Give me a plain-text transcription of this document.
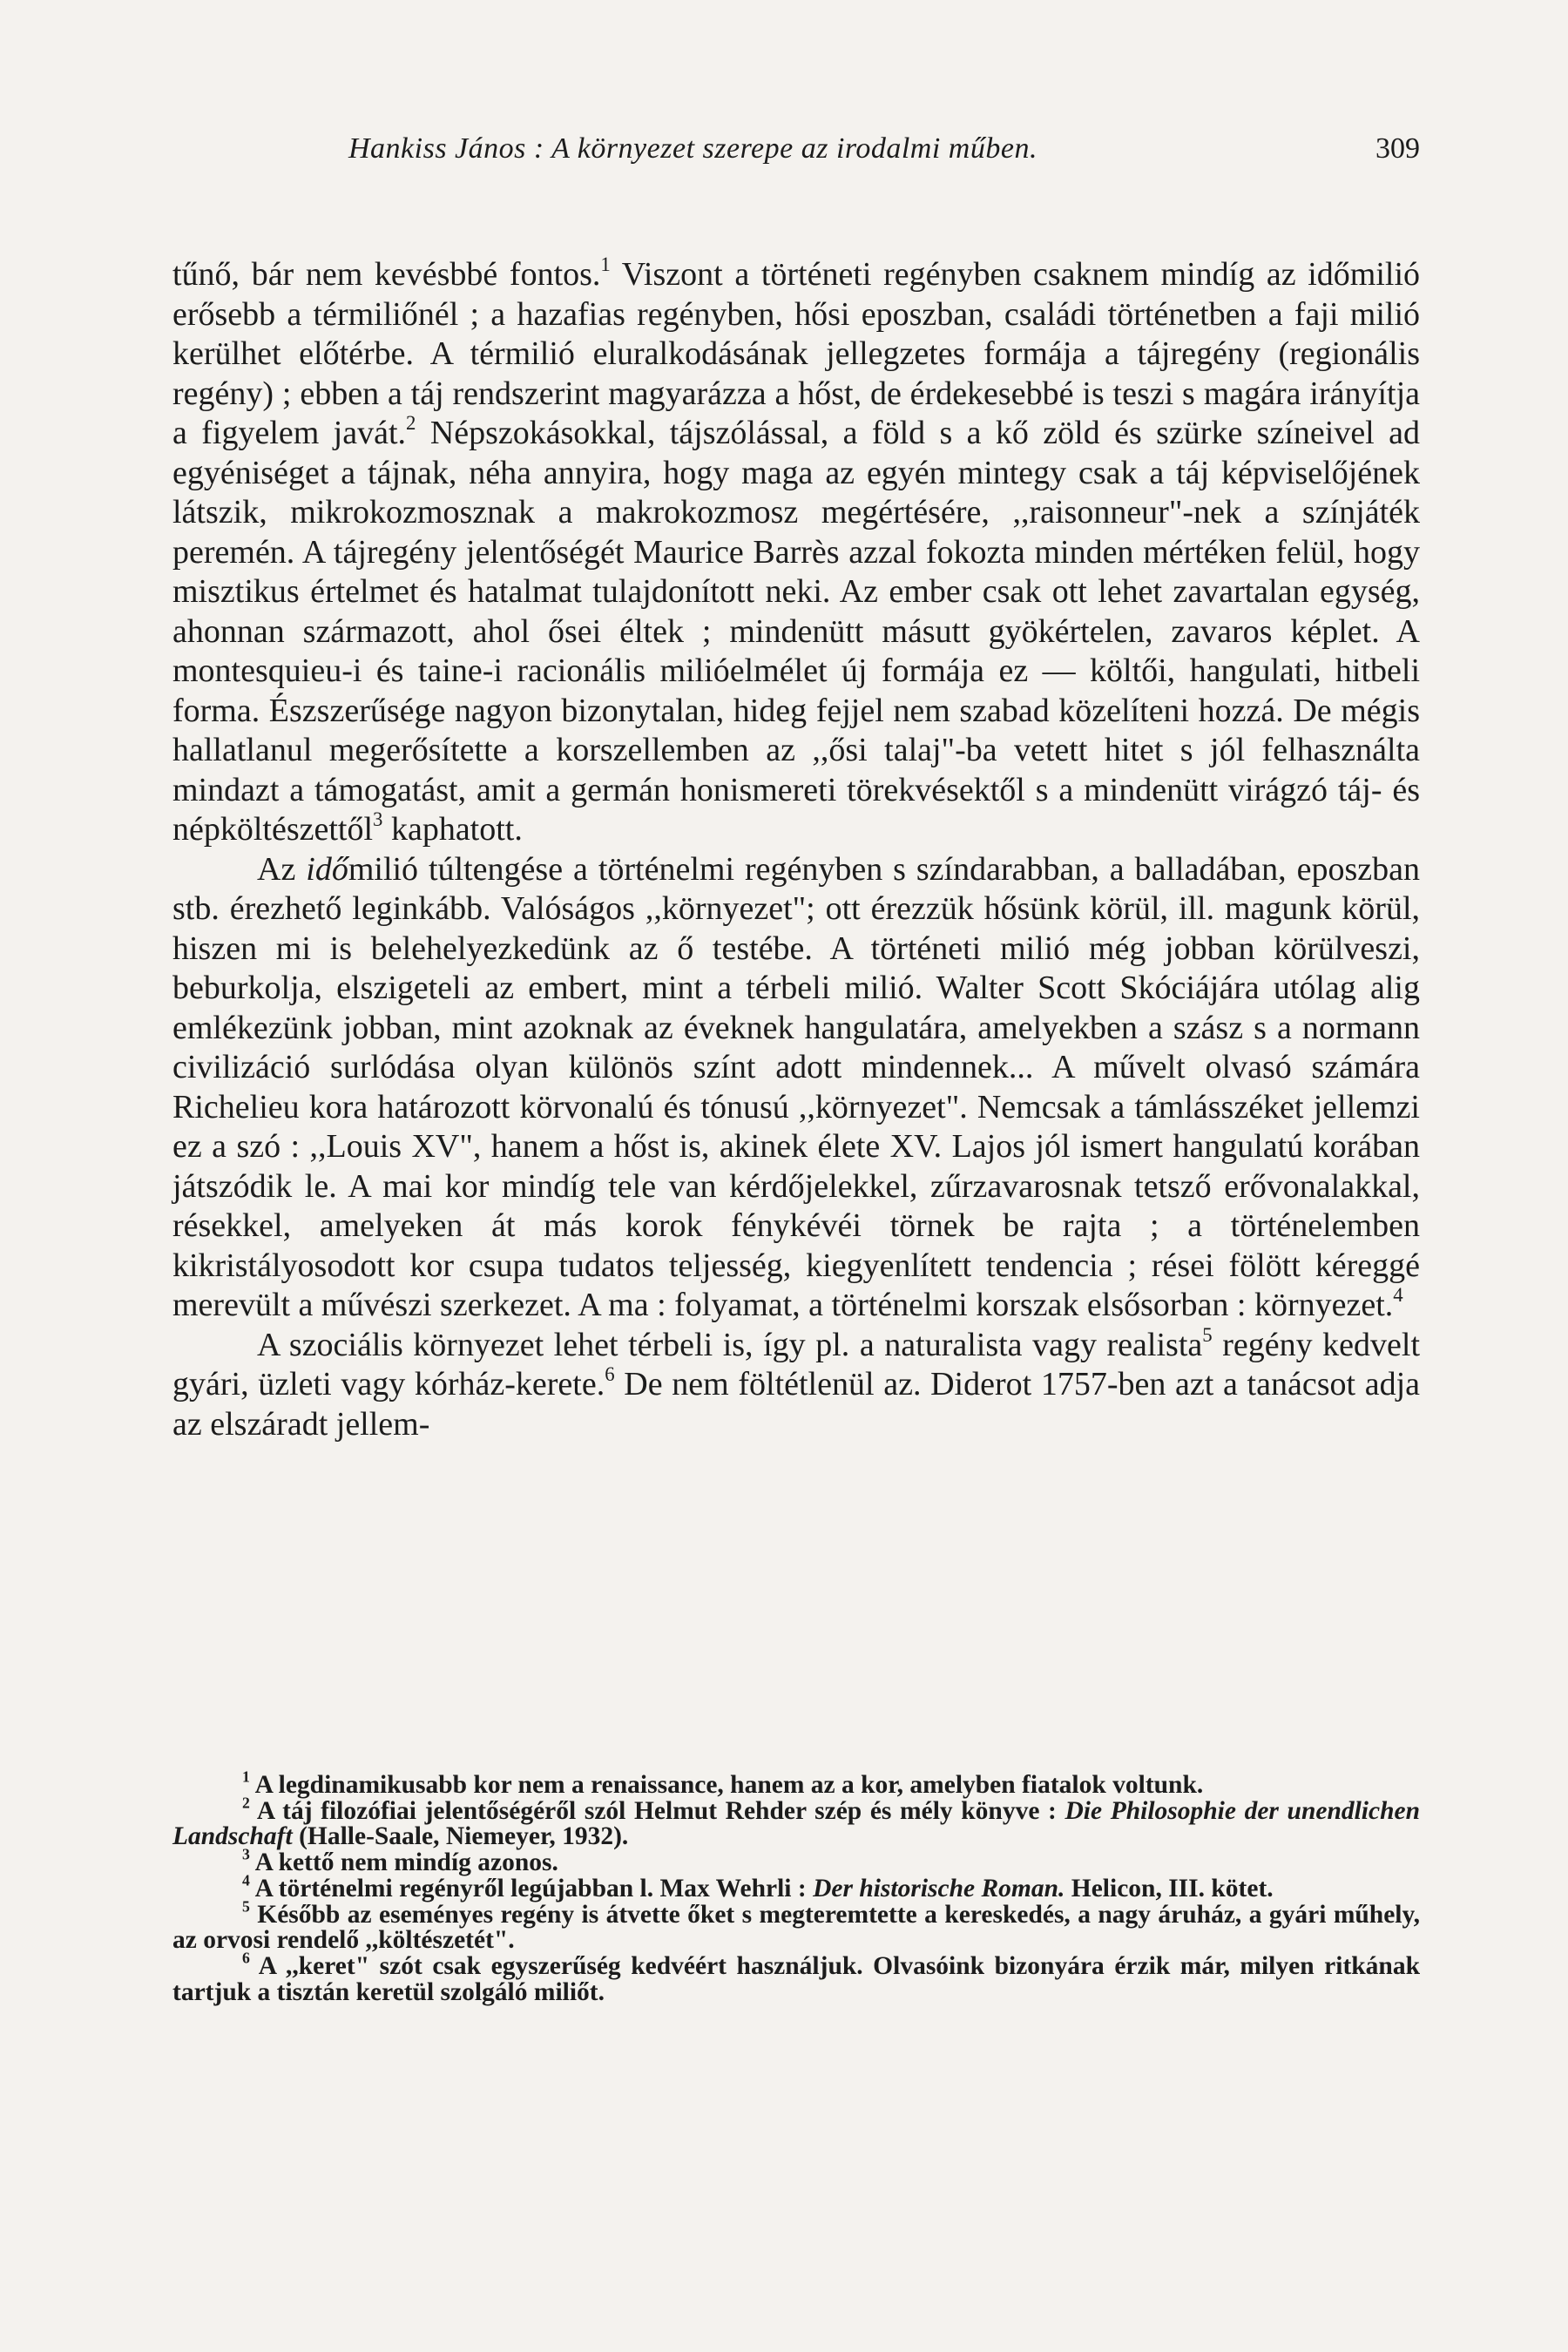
Hankiss János : A környezet szerepe az irodalmi műben.	309

tűnő, bár nem kevésbbé fontos.$^1$ Viszont a történeti regényben csaknem mindíg az időmilió erősebb a térmiliőnél ; a hazafias regényben, hősi eposzban, családi történetben a faji milió kerülhet előtérbe. A térmilió eluralkodásának jellegzetes formája a tájregény (regionális regény) ; ebben a táj rendszerint magyarázza a hőst, de érdekesebbé is teszi s magára irányítja a figyelem javát.$^2$ Népszokásokkal, tájszólással, a föld s a kő zöld és szürke színeivel ad egyéniséget a tájnak, néha annyira, hogy maga az egyén mintegy csak a táj képviselőjének látszik, mikrokozmosznak a makrokozmosz megértésére, ,,raisonneur"-nek a színjáték peremén. A tájregény jelentőségét Maurice Barrès azzal fokozta minden mértéken felül, hogy misztikus értelmet és hatalmat tulajdonított neki. Az ember csak ott lehet zavartalan egység, ahonnan származott, ahol ősei éltek ; mindenütt másutt gyökértelen, zavaros képlet. A montesquieu-i és taine-i racionális milióelmélet új formája ez — költői, hangulati, hitbeli forma. Észszerűsége nagyon bizonytalan, hideg fejjel nem szabad közelíteni hozzá. De mégis hallatlanul megerősítette a korszellemben az ,,ősi talaj"-ba vetett hitet s jól felhasználta mindazt a támogatást, amit a germán honismereti törekvésektől s a mindenütt virágzó táj- és népköltészettől$^3$ kaphatott.

Az időmilió túltengése a történelmi regényben s színdarabban, a balladában, eposzban stb. érezhető leginkább. Valóságos ,,környezet"; ott érezzük hősünk körül, ill. magunk körül, hiszen mi is belehelyezkedünk az ő testébe. A történeti milió még jobban körülveszi, beburkolja, elszigeteli az embert, mint a térbeli milió. Walter Scott Skóciájára utólag alig emlékezünk jobban, mint azoknak az éveknek hangulatára, amelyekben a szász s a normann civilizáció surlódása olyan különös színt adott mindennek... A művelt olvasó számára Richelieu kora határozott körvonalú és tónusú ,,környezet". Nemcsak a támlásszéket jellemzi ez a szó : ,,Louis XV", hanem a hőst is, akinek élete XV. Lajos jól ismert hangulatú korában játszódik le. A mai kor mindíg tele van kérdőjelekkel, zűrzavarosnak tetsző erővonalakkal, résekkel, amelyeken át más korok fénykévéi törnek be rajta ; a történelemben kikristályosodott kor csupa tudatos teljesség, kiegyenlített tendencia ; rései fölött kéreggé merevült a művészi szerkezet. A ma : folyamat, a történelmi korszak elsősorban : környezet.$^4$

A szociális környezet lehet térbeli is, így pl. a naturalista vagy realista$^5$ regény kedvelt gyári, üzleti vagy kórház-kerete.$^6$ De nem föltétlenül az. Diderot 1757-ben azt a tanácsot adja az elszáradt jellem-

$^1$ A legdinamikusabb kor nem a renaissance, hanem az a kor, amelyben fiatalok voltunk.

$^2$ A táj filozófiai jelentőségéről szól Helmut Rehder szép és mély könyve : Die Philosophie der unendlichen Landschaft (Halle-Saale, Niemeyer, 1932).

$^3$ A kettő nem mindíg azonos.

$^4$ A történelmi regényről legújabban l. Max Wehrli : Der historische Roman. Helicon, III. kötet.

$^5$ Később az eseményes regény is átvette őket s megteremtette a kereskedés, a nagy áruház, a gyári műhely, az orvosi rendelő ,,költészetét".

$^6$ A ,,keret" szót csak egyszerűség kedvéért használjuk. Olvasóink bizonyára érzik már, milyen ritkának tartjuk a tisztán keretül szolgáló miliőt.
